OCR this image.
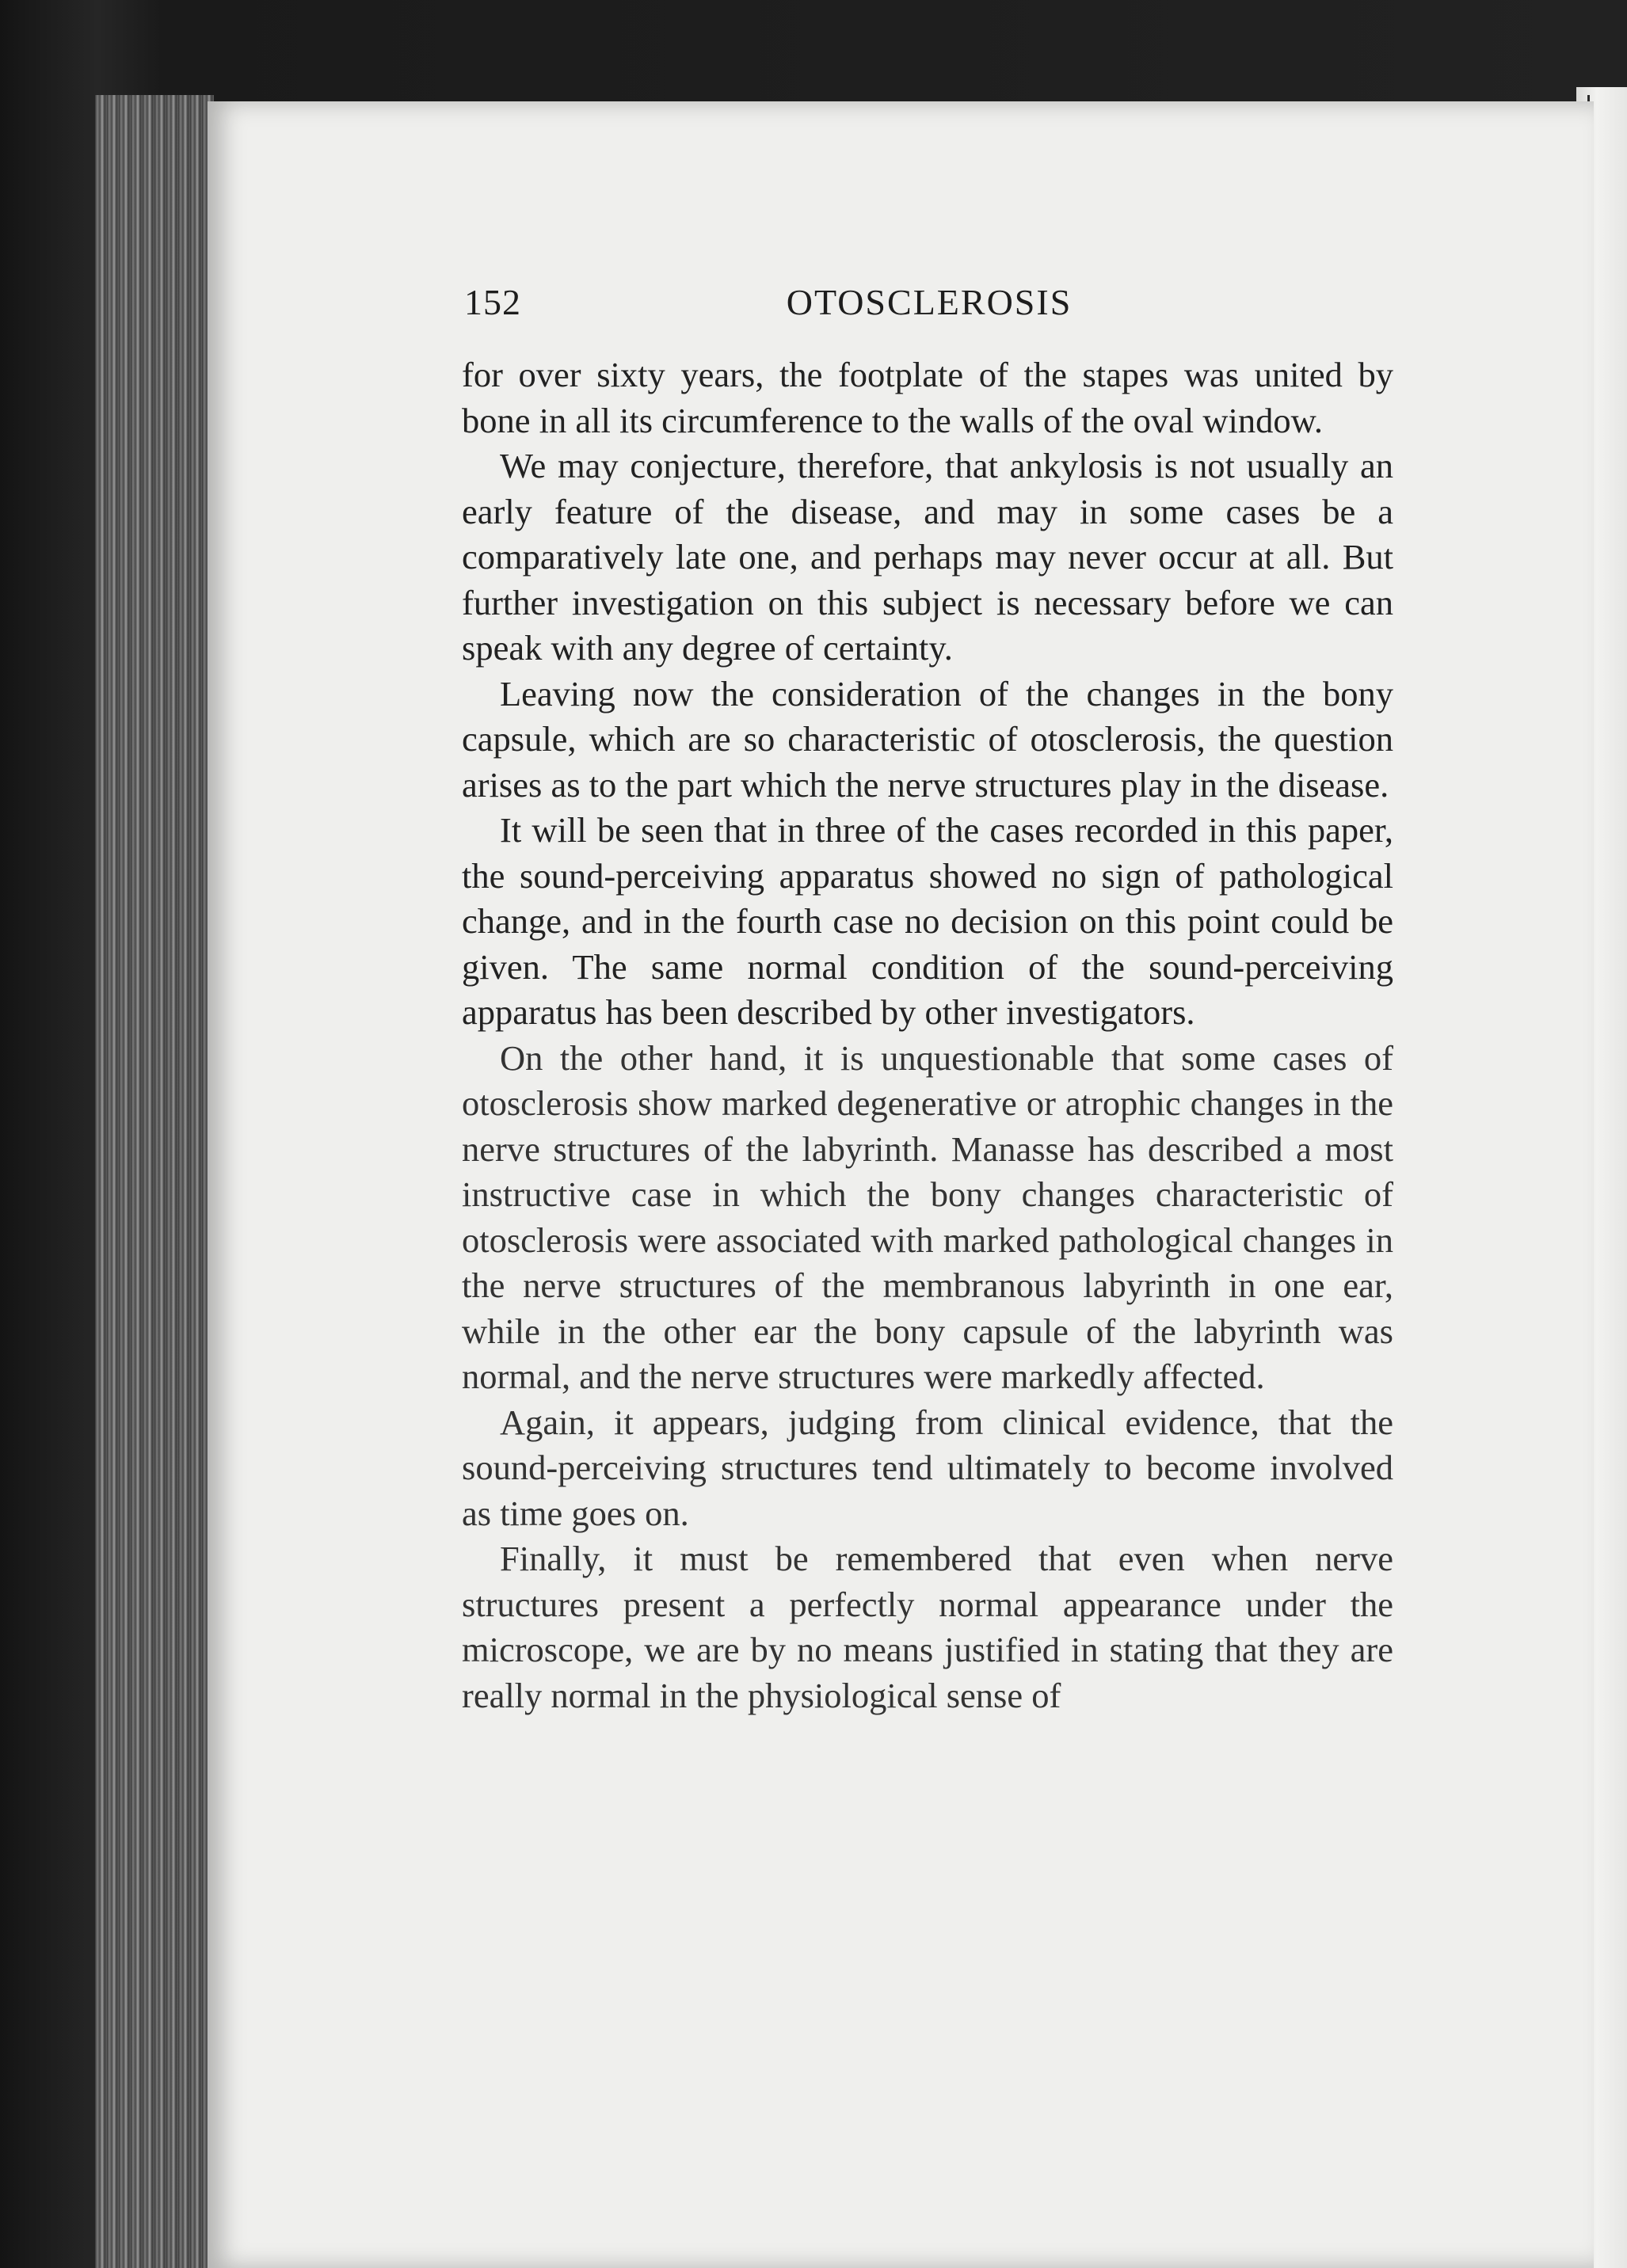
152	OTOSCLEROSIS

for over sixty years, the footplate of the stapes was united by bone in all its circumference to the walls of the oval window.

We may conjecture, therefore, that ankylosis is not usually an early feature of the disease, and may in some cases be a comparatively late one, and perhaps may never occur at all. But further investigation on this subject is necessary before we can speak with any degree of certainty.

Leaving now the consideration of the changes in the bony capsule, which are so characteristic of otosclerosis, the question arises as to the part which the nerve structures play in the disease.

It will be seen that in three of the cases recorded in this paper, the sound-perceiving apparatus showed no sign of pathological change, and in the fourth case no decision on this point could be given. The same normal condition of the sound-perceiving apparatus has been described by other investigators.

On the other hand, it is unquestionable that some cases of otosclerosis show marked degenerative or atrophic changes in the nerve structures of the labyrinth. Manasse has described a most instructive case in which the bony changes characteristic of otosclerosis were associated with marked pathological changes in the nerve structures of the membranous labyrinth in one ear, while in the other ear the bony capsule of the labyrinth was normal, and the nerve structures were markedly affected.

Again, it appears, judging from clinical evidence, that the sound-perceiving structures tend ultimately to become involved as time goes on.

Finally, it must be remembered that even when nerve structures present a perfectly normal appearance under the microscope, we are by no means justified in stating that they are really normal in the physiological sense of
